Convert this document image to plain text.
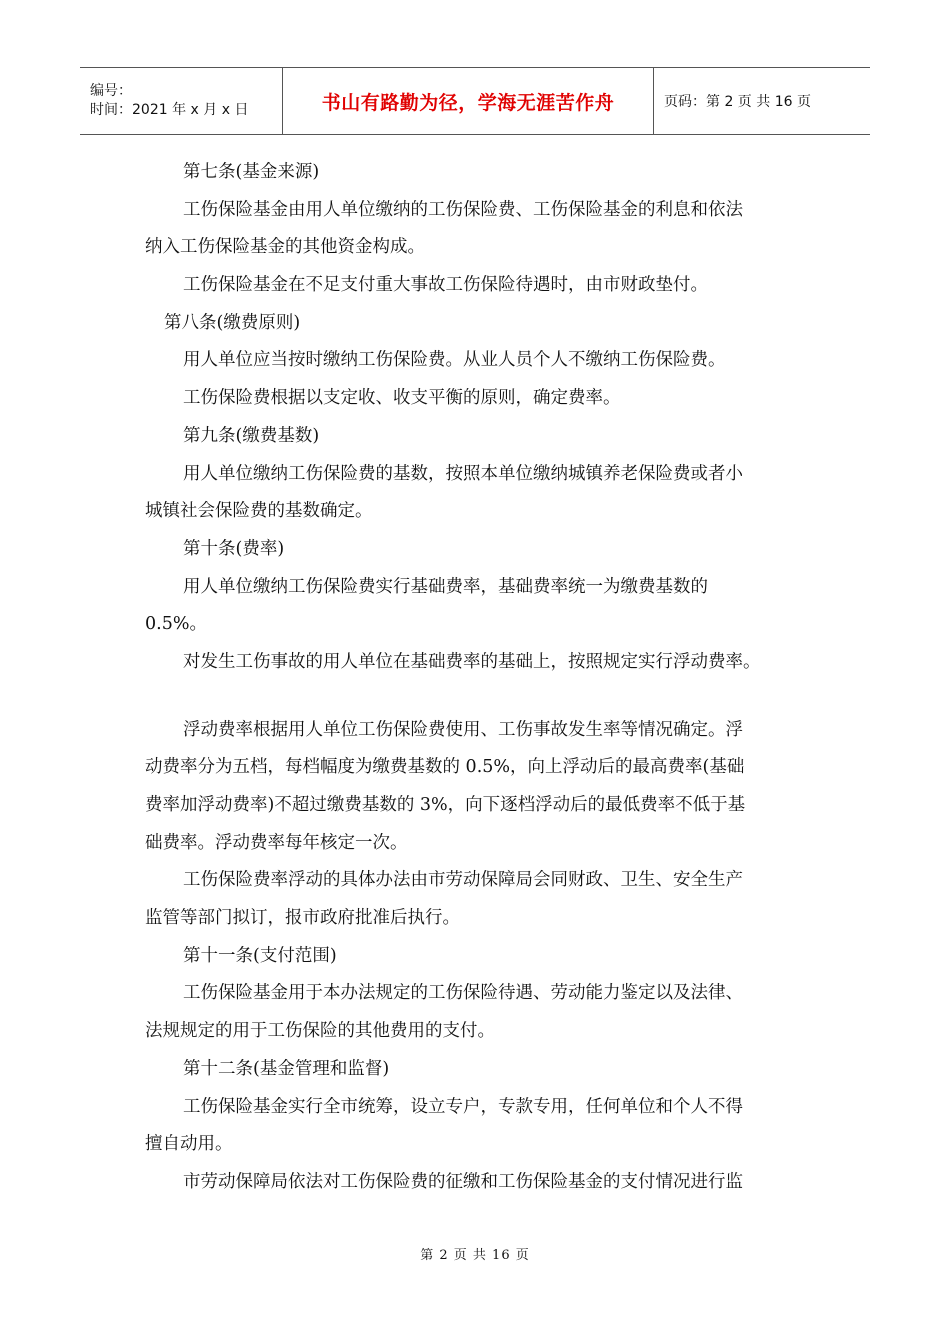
编号：
时间：2021 年 x 月 x 日	书山有路勤为径，学海无涯苦作舟	页码：第 2 页 共 16 页
第七条(基金来源)
工伤保险基金由用人单位缴纳的工伤保险费、工伤保险基金的利息和依法
纳入工伤保险基金的其他资金构成。
工伤保险基金在不足支付重大事故工伤保险待遇时，由市财政垫付。
第八条(缴费原则)
用人单位应当按时缴纳工伤保险费。从业人员个人不缴纳工伤保险费。
工伤保险费根据以支定收、收支平衡的原则，确定费率。
第九条(缴费基数)
用人单位缴纳工伤保险费的基数，按照本单位缴纳城镇养老保险费或者小
城镇社会保险费的基数确定。
第十条(费率)
用人单位缴纳工伤保险费实行基础费率，基础费率统一为缴费基数的
0.5%。
对发生工伤事故的用人单位在基础费率的基础上，按照规定实行浮动费率。
浮动费率根据用人单位工伤保险费使用、工伤事故发生率等情况确定。浮
动费率分为五档，每档幅度为缴费基数的 0.5%，向上浮动后的最高费率(基础
费率加浮动费率)不超过缴费基数的 3%，向下逐档浮动后的最低费率不低于基
础费率。浮动费率每年核定一次。
工伤保险费率浮动的具体办法由市劳动保障局会同财政、卫生、安全生产
监管等部门拟订，报市政府批准后执行。
第十一条(支付范围)
工伤保险基金用于本办法规定的工伤保险待遇、劳动能力鉴定以及法律、
法规规定的用于工伤保险的其他费用的支付。
第十二条(基金管理和监督)
工伤保险基金实行全市统筹，设立专户，专款专用，任何单位和个人不得
擅自动用。
市劳动保障局依法对工伤保险费的征缴和工伤保险基金的支付情况进行监
第 2 页 共 16 页
